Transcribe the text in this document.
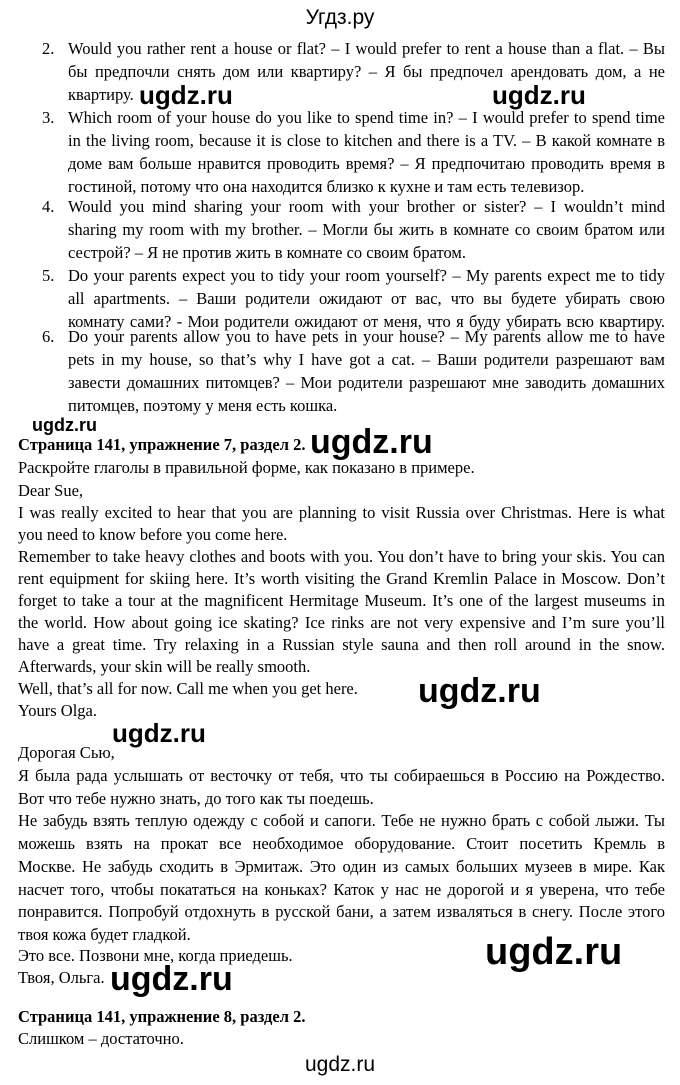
Угдз.ру
2. Would you rather rent a house or flat? – I would prefer to rent a house than a flat. – Вы
бы предпочли снять дом или квартиру? – Я бы предпочел арендовать дом, а не
квартиру.
3. Which room of your house do you like to spend time in? – I would prefer to spend time
in the living room, because it is close to kitchen and there is a TV. – В какой комнате в
доме вам больше нравится проводить время? – Я предпочитаю проводить время в
гостиной, потому что она находится близко к кухне и там есть телевизор.
4. Would you mind sharing your room with your brother or sister? – I wouldn’t mind
sharing my room with my brother. – Могли бы жить в комнате со своим братом или
сестрой? – Я не против жить в комнате со своим братом.
5. Do your parents expect you to tidy your room yourself? – My parents expect me to tidy
all apartments. – Ваши родители ожидают от вас, что вы будете убирать свою
комнату сами? - Мои родители ожидают от меня, что я буду убирать всю квартиру.
6. Do your parents allow you to have pets in your house? – My parents allow me to have
pets in my house, so that’s why I have got a cat. – Ваши родители разрешают вам
завести домашних питомцев? – Мои родители разрешают мне заводить домашних
питомцев, поэтому у меня есть кошка.
Страница 141, упражнение 7, раздел 2.
Раскройте глаголы в правильной форме, как показано в примере.
Dear Sue,
I was really excited to hear that you are planning to visit Russia over Christmas. Here is what
you need to know before you come here.
Remember to take heavy clothes and boots with you. You don’t have to bring your skis. You can
rent equipment for skiing here. It’s worth visiting the Grand Kremlin Palace in Moscow. Don’t
forget to take a tour at the magnificent Hermitage Museum. It’s one of the largest museums in
the world. How about going ice skating? Ice rinks are not very expensive and I’m sure you’ll
have a great time. Try relaxing in a Russian style sauna and then roll around in the snow.
Afterwards, your skin will be really smooth.
Well, that’s all for now. Call me when you get here.
Yours Olga.
Дорогая Сью,
Я была рада услышать от весточку от тебя, что ты собираешься в Россию на Рождество.
Вот что тебе нужно знать, до того как ты поедешь.
Не забудь взять теплую одежду с собой и сапоги. Тебе не нужно брать с собой лыжи. Ты
можешь взять на прокат все необходимое оборудование. Стоит посетить Кремль в
Москве. Не забудь сходить в Эрмитаж. Это один из самых больших музеев в мире. Как
насчет того, чтобы покататься на коньках? Каток у нас не дорогой и я уверена, что тебе
понравится. Попробуй отдохнуть в русской бани, а затем изваляться в снегу. После этого
твоя кожа будет гладкой.
Это все. Позвони мне, когда приедешь.
Твоя, Ольга.
Страница 141, упражнение 8, раздел 2.
Слишком – достаточно.
ugdz.ru	ugdz.ru
ugdz.ru	ugdz.ru
ugdz.ru
ugdz.ru
ugdz.ru
ugdz.ru
ugdz.ru
